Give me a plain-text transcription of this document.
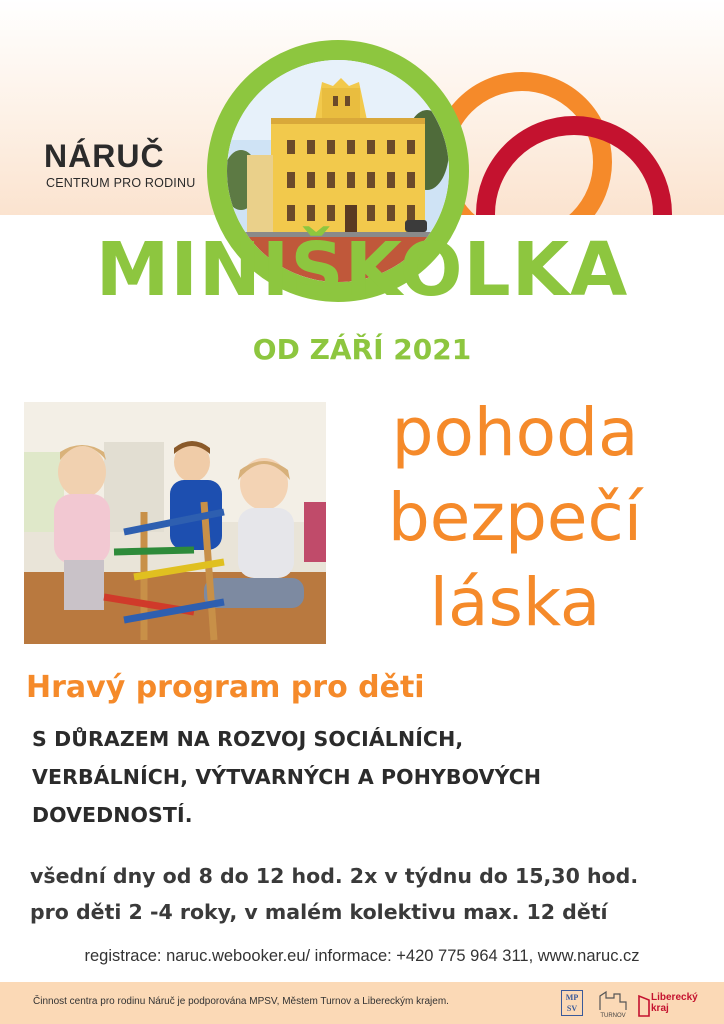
NÁRUČ
CENTRUM PRO RODINU
MINIŠKOLKA
OD ZÁŘÍ 2021
pohoda
bezpečí
láska
Hravý program pro děti
S DŮRAZEM NA ROZVOJ SOCIÁLNÍCH,
VERBÁLNÍCH, VÝTVARNÝCH A POHYBOVÝCH
DOVEDNOSTÍ.
všední dny od 8 do 12 hod. 2x v týdnu do 15,30 hod.
pro děti 2 -4 roky, v malém kolektivu max. 12 dětí
registrace: naruc.webooker.eu/ informace: +420 775 964 311, www.naruc.cz
Činnost centra pro rodinu Náruč je podporována MPSV, Městem Turnov a Libereckým krajem.	MP
SV
TURNOV
Liberecký
kraj
